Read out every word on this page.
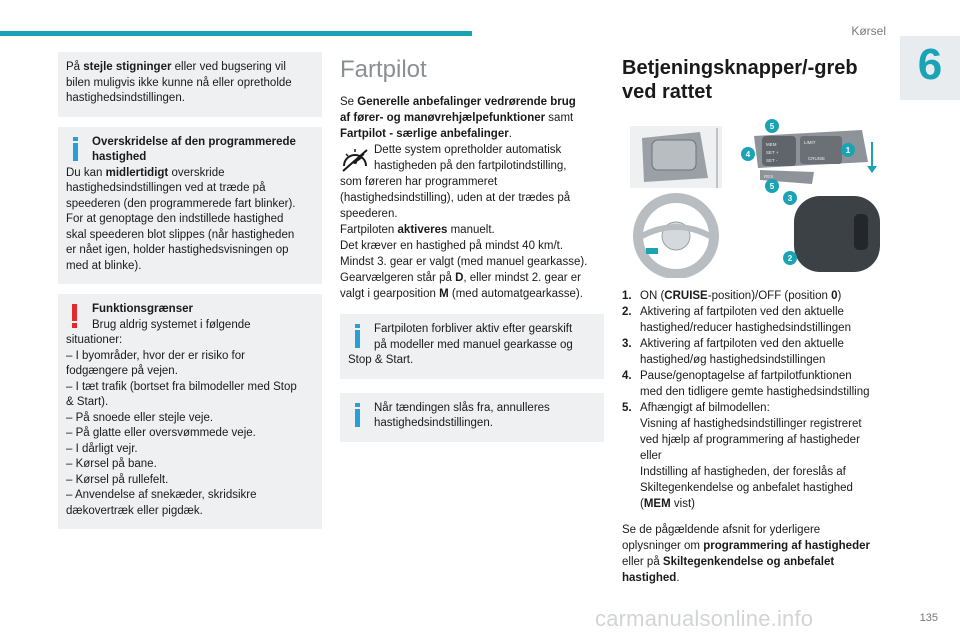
Kørsel
6
På stejle stigninger eller ved bugsering vil
bilen muligvis ikke kunne nå eller opretholde
hastighedsindstillingen.
Overskridelse af den programmerede
hastighed
Du kan midlertidigt overskride
hastighedsindstillingen ved at træde på
speederen (den programmerede fart blinker).
For at genoptage den indstillede hastighed
skal speederen blot slippes (når hastigheden
er nået igen, holder hastighedsvisningen op
med at blinke).
Funktionsgrænser
Brug aldrig systemet i følgende
situationer:
– I byområder, hvor der er risiko for
fodgængere på vejen.
– I tæt trafik (bortset fra bilmodeller med Stop
& Start).
– På snoede eller stejle veje.
– På glatte eller oversvømmede veje.
– I dårligt vejr.
– Kørsel på bane.
– Kørsel på rullefelt.
– Anvendelse af snekæder, skridsikre
dækovertræk eller pigdæk.
Fartpilot
Se Generelle anbefalinger vedrørende brug
af fører- og manøvrehjælpefunktioner samt
Fartpilot - særlige anbefalinger.
Dette system opretholder automatisk
hastigheden på den fartpilotindstilling,
som føreren har programmeret
(hastighedsindstilling), uden at der trædes på
speederen.
Fartpiloten aktiveres manuelt.
Det kræver en hastighed på mindst 40 km/t.
Mindst 3. gear er valgt (med manuel gearkasse).
Gearvælgeren står på D, eller mindst 2. gear er
valgt i gearposition M (med automatgearkasse).
Fartpiloten forbliver aktiv efter gearskift
på modeller med manuel gearkasse og
Stop & Start.
Når tændingen slås fra, annulleres
hastighedsindstillingen.
Betjeningsknapper/-greb
ved rattet
5
1
4
5
3
2
LIMIT
CRUISE
MEM
SET +
SET -
RES
1. ON (CRUISE-position)/OFF (position 0)
2. Aktivering af fartpiloten ved den aktuelle
hastighed/reducer hastighedsindstillingen
3. Aktivering af fartpiloten ved den aktuelle
hastighed/øg hastighedsindstillingen
4. Pause/genoptagelse af fartpilotfunktionen
med den tidligere gemte hastighedsindstilling
5. Afhængigt af bilmodellen:
Visning af hastighedsindstillinger registreret
ved hjælp af programmering af hastigheder
eller
Indstilling af hastigheden, der foreslås af
Skiltegenkendelse og anbefalet hastighed
(MEM vist)
Se de pågældende afsnit for yderligere
oplysninger om programmering af hastigheder
eller på Skiltegenkendelse og anbefalet
hastighed.
135
carmanualsonline.info
